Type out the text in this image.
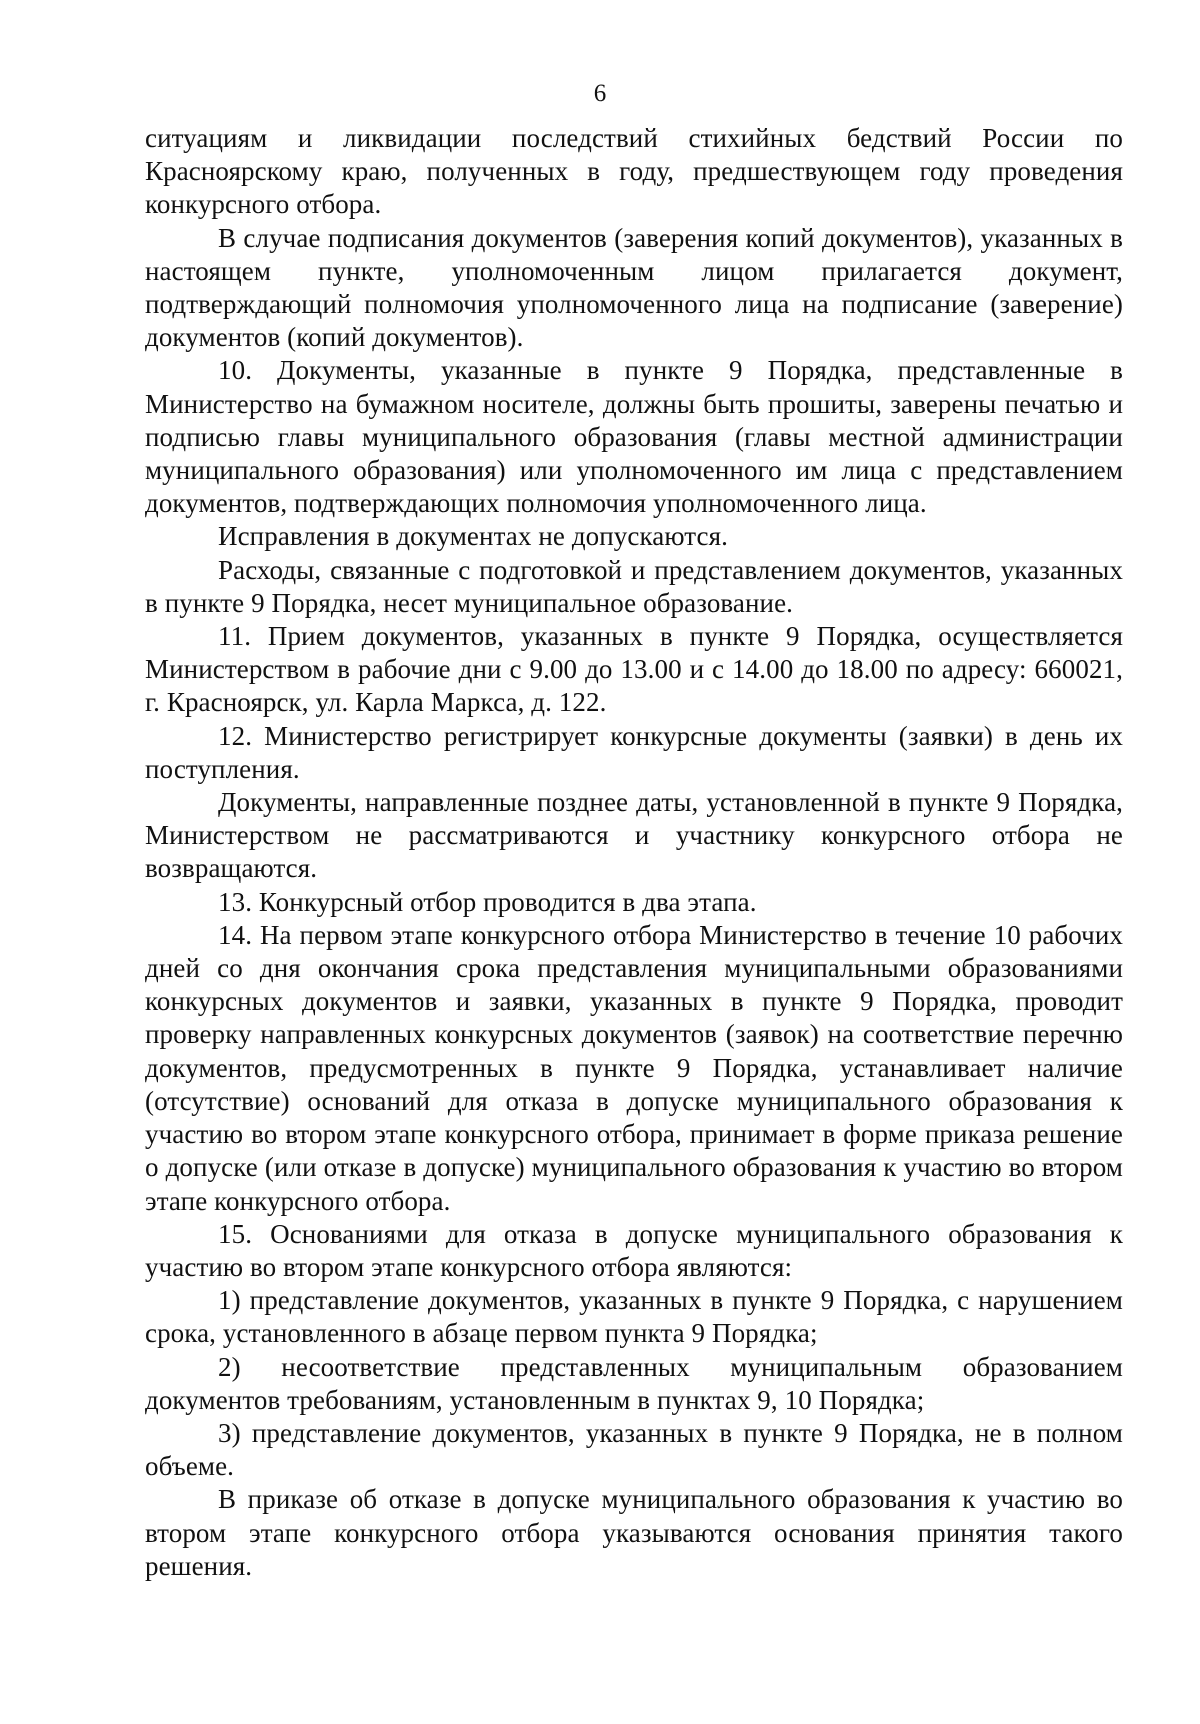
6

ситуациям и ликвидации последствий стихийных бедствий России по Красноярскому краю, полученных в году, предшествующем году проведения конкурсного отбора.

В случае подписания документов (заверения копий документов), указанных в настоящем пункте, уполномоченным лицом прилагается документ, подтверждающий полномочия уполномоченного лица на подписание (заверение) документов (копий документов).

10. Документы, указанные в пункте 9 Порядка, представленные в Министерство на бумажном носителе, должны быть прошиты, заверены печатью и подписью главы муниципального образования (главы местной администрации муниципального образования) или уполномоченного им лица с представлением документов, подтверждающих полномочия уполномоченного лица.

Исправления в документах не допускаются.

Расходы, связанные с подготовкой и представлением документов, указанных в пункте 9 Порядка, несет муниципальное образование.

11. Прием документов, указанных в пункте 9 Порядка, осуществляется Министерством в рабочие дни с 9.00 до 13.00 и с 14.00 до 18.00 по адресу: 660021, г. Красноярск, ул. Карла Маркса, д. 122.

12. Министерство регистрирует конкурсные документы (заявки) в день их поступления.

Документы, направленные позднее даты, установленной в пункте 9 Порядка, Министерством не рассматриваются и участнику конкурсного отбора не возвращаются.

13. Конкурсный отбор проводится в два этапа.

14. На первом этапе конкурсного отбора Министерство в течение 10 рабочих дней со дня окончания срока представления муниципальными образованиями конкурсных документов и заявки, указанных в пункте 9 Порядка, проводит проверку направленных конкурсных документов (заявок) на соответствие перечню документов, предусмотренных в пункте 9 Порядка, устанавливает наличие (отсутствие) оснований для отказа в допуске муниципального образования к участию во втором этапе конкурсного отбора, принимает в форме приказа решение о допуске (или отказе в допуске) муниципального образования к участию во втором этапе конкурсного отбора.

15. Основаниями для отказа в допуске муниципального образования к участию во втором этапе конкурсного отбора являются:

1) представление документов, указанных в пункте 9 Порядка, с нарушением срока, установленного в абзаце первом пункта 9 Порядка;

2) несоответствие представленных муниципальным образованием документов требованиям, установленным в пунктах 9, 10 Порядка;

3) представление документов, указанных в пункте 9 Порядка, не в полном объеме.

В приказе об отказе в допуске муниципального образования к участию во втором этапе конкурсного отбора указываются основания принятия такого решения.
